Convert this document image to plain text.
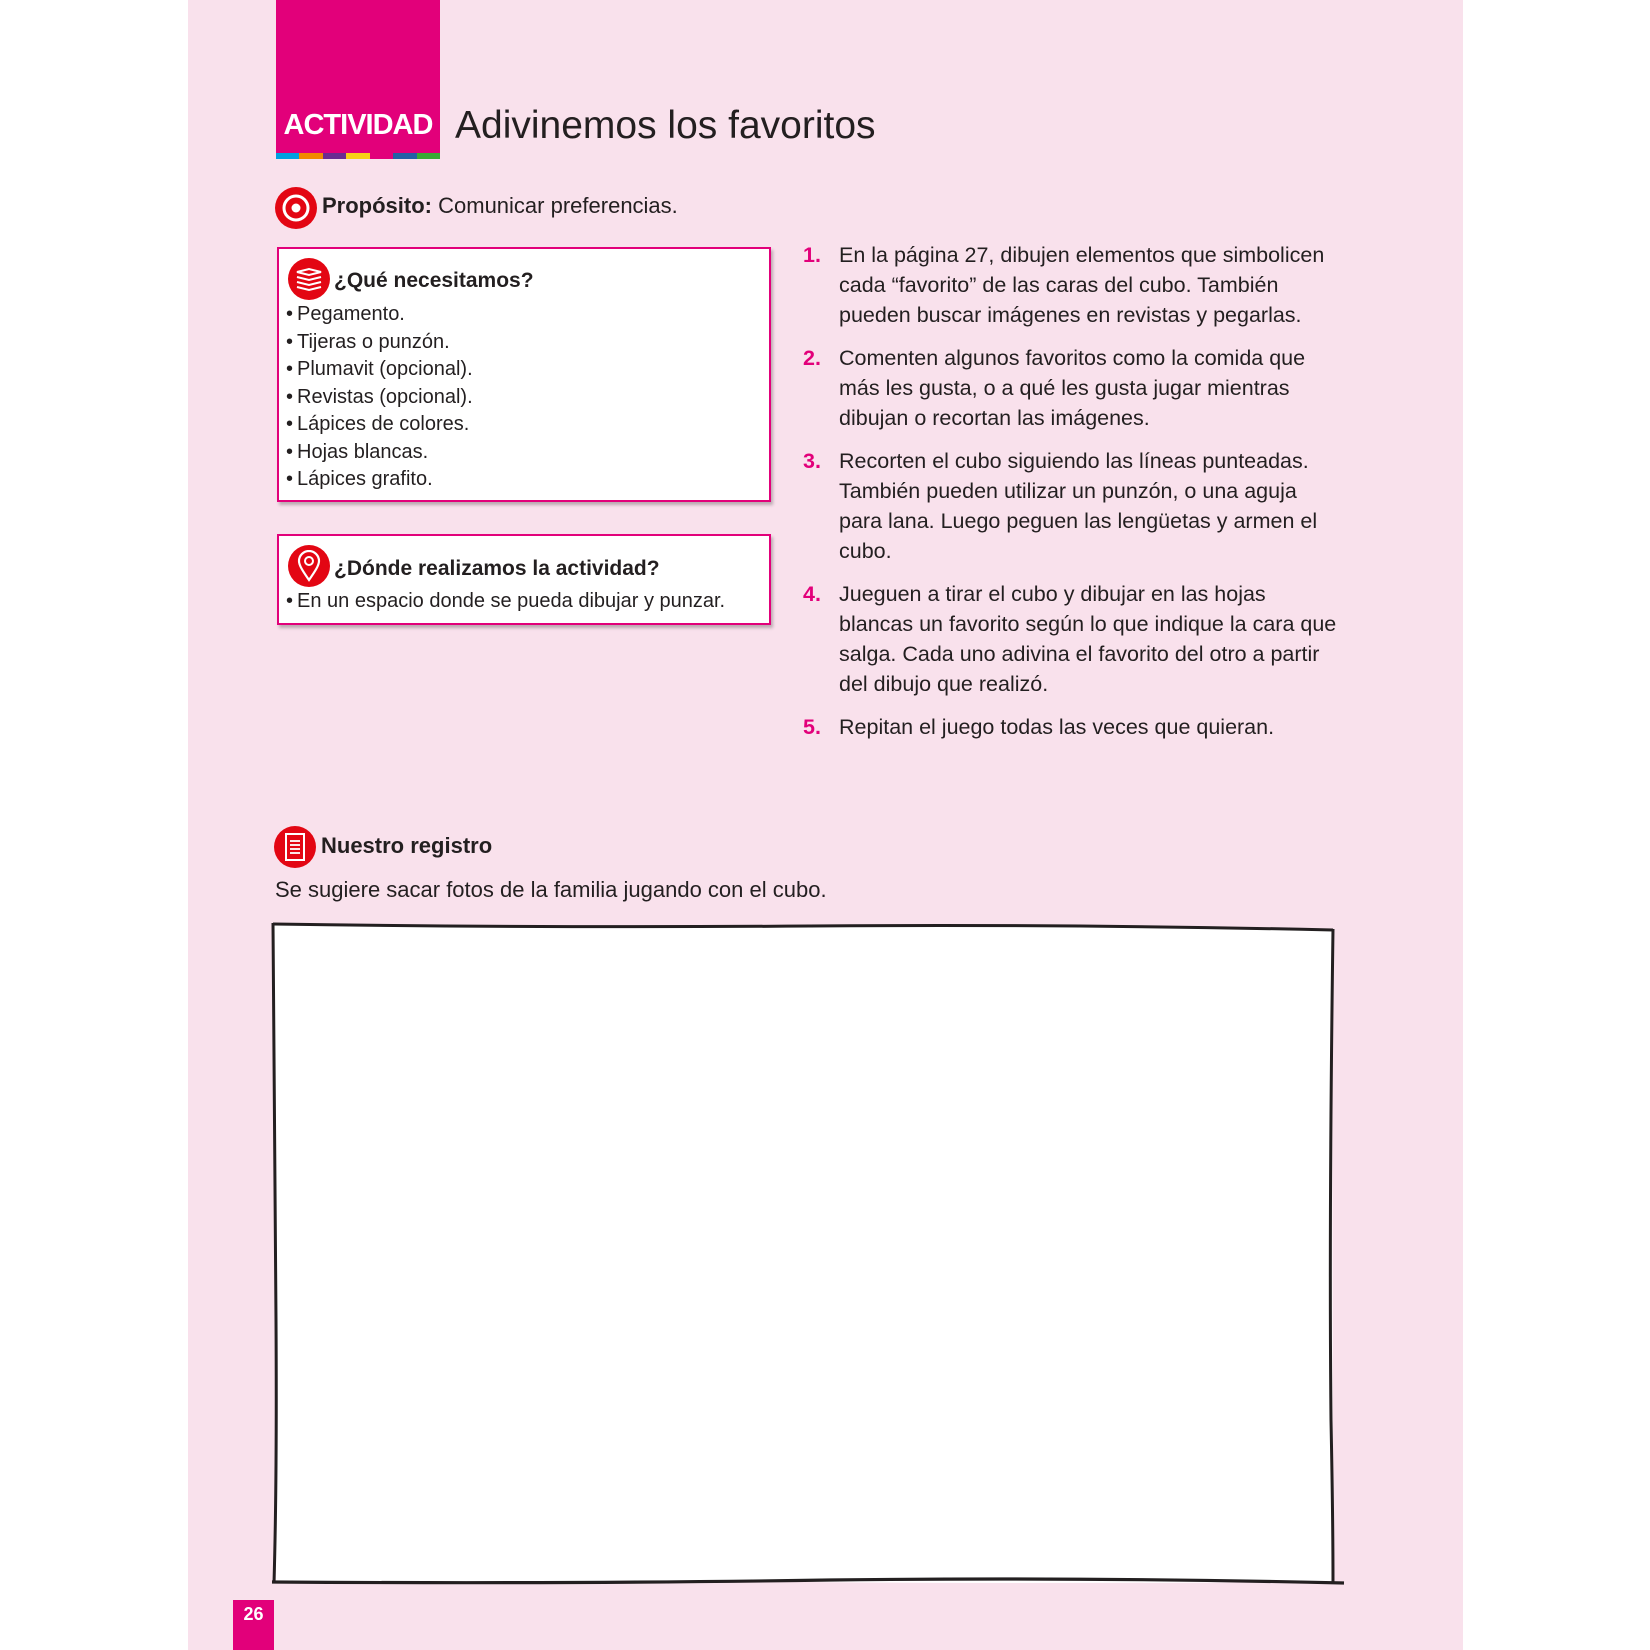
ACTIVIDAD Adivinemos los favoritos
Propósito: Comunicar preferencias.
¿Qué necesitamos?
• Pegamento.
• Tijeras o punzón.
• Plumavit (opcional).
• Revistas (opcional).
• Lápices de colores.
• Hojas blancas.
• Lápices grafito.
¿Dónde realizamos la actividad?
• En un espacio donde se pueda dibujar y punzar.
1. En la página 27, dibujen elementos que simbolicen cada “favorito” de las caras del cubo. También pueden buscar imágenes en revistas y pegarlas.
2. Comenten algunos favoritos como la comida que más les gusta, o a qué les gusta jugar mientras dibujan o recortan las imágenes.
3. Recorten el cubo siguiendo las líneas punteadas. También pueden utilizar un punzón, o una aguja para lana. Luego peguen las lengüetas y armen el cubo.
4. Jueguen a tirar el cubo y dibujar en las hojas blancas un favorito según lo que indique la cara que salga. Cada uno adivina el favorito del otro a partir del dibujo que realizó.
5. Repitan el juego todas las veces que quieran.
Nuestro registro
Se sugiere sacar fotos de la familia jugando con el cubo.
26
